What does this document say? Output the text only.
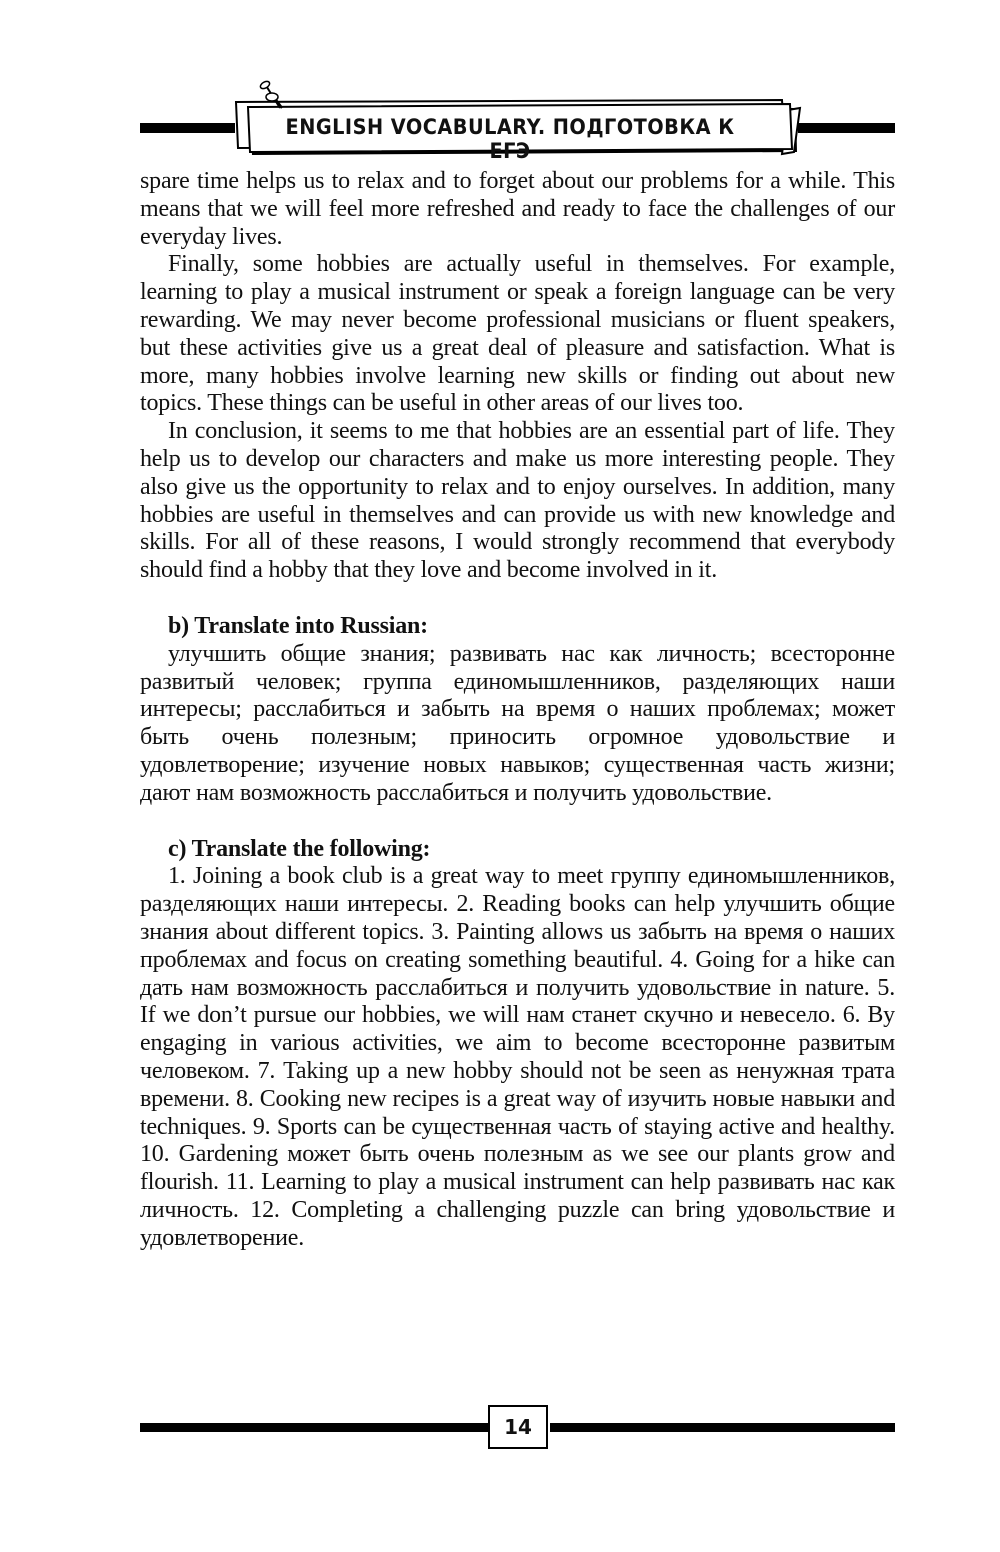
ENGLISH VOCABULARY. ПОДГОТОВКА К ЕГЭ

spare time helps us to relax and to forget about our problems for a while. This means that we will feel more refreshed and ready to face the challenges of our everyday lives.

Finally, some hobbies are actually useful in themselves. For example, learning to play a musical instrument or speak a foreign language can be very rewarding. We may never become professional musicians or fluent speakers, but these activities give us a great deal of pleasure and satisfaction. What is more, many hobbies involve learning new skills or finding out about new topics. These things can be useful in other areas of our lives too.

In conclusion, it seems to me that hobbies are an essential part of life. They help us to develop our characters and make us more interesting people. They also give us the opportunity to relax and to enjoy ourselves. In addition, many hobbies are useful in themselves and can provide us with new knowledge and skills. For all of these reasons, I would strongly recommend that everybody should find a hobby that they love and become involved in it.

b) Translate into Russian:

улучшить общие знания; развивать нас как личность; всесторонне развитый человек; группа единомышленников, разделяющих наши интересы; расслабиться и забыть на время о наших проблемах; может быть очень полезным; приносить огромное удовольствие и удовлетворение; изучение новых навыков; существенная часть жизни; дают нам возможность расслабиться и получить удовольствие.

c) Translate the following:

1. Joining a book club is a great way to meet группу единомышленников, разделяющих наши интересы. 2. Reading books can help улучшить общие знания about different topics. 3. Painting allows us забыть на время о наших проблемах and focus on creating something beautiful. 4. Going for a hike can дать нам возможность расслабиться и получить удовольствие in nature. 5. If we don’t pursue our hobbies, we will нам станет скучно и невесело. 6. By engaging in various activities, we aim to become всесторонне развитым человеком. 7. Taking up a new hobby should not be seen as ненужная трата времени. 8. Cooking new recipes is a great way of изучить новые навыки and techniques. 9. Sports can be существенная часть of staying active and healthy. 10. Gardening может быть очень полезным as we see our plants grow and flourish. 11. Learning to play a musical instrument can help развивать нас как личность. 12. Completing a challenging puzzle can bring удовольствие и удовлетворение.

14
